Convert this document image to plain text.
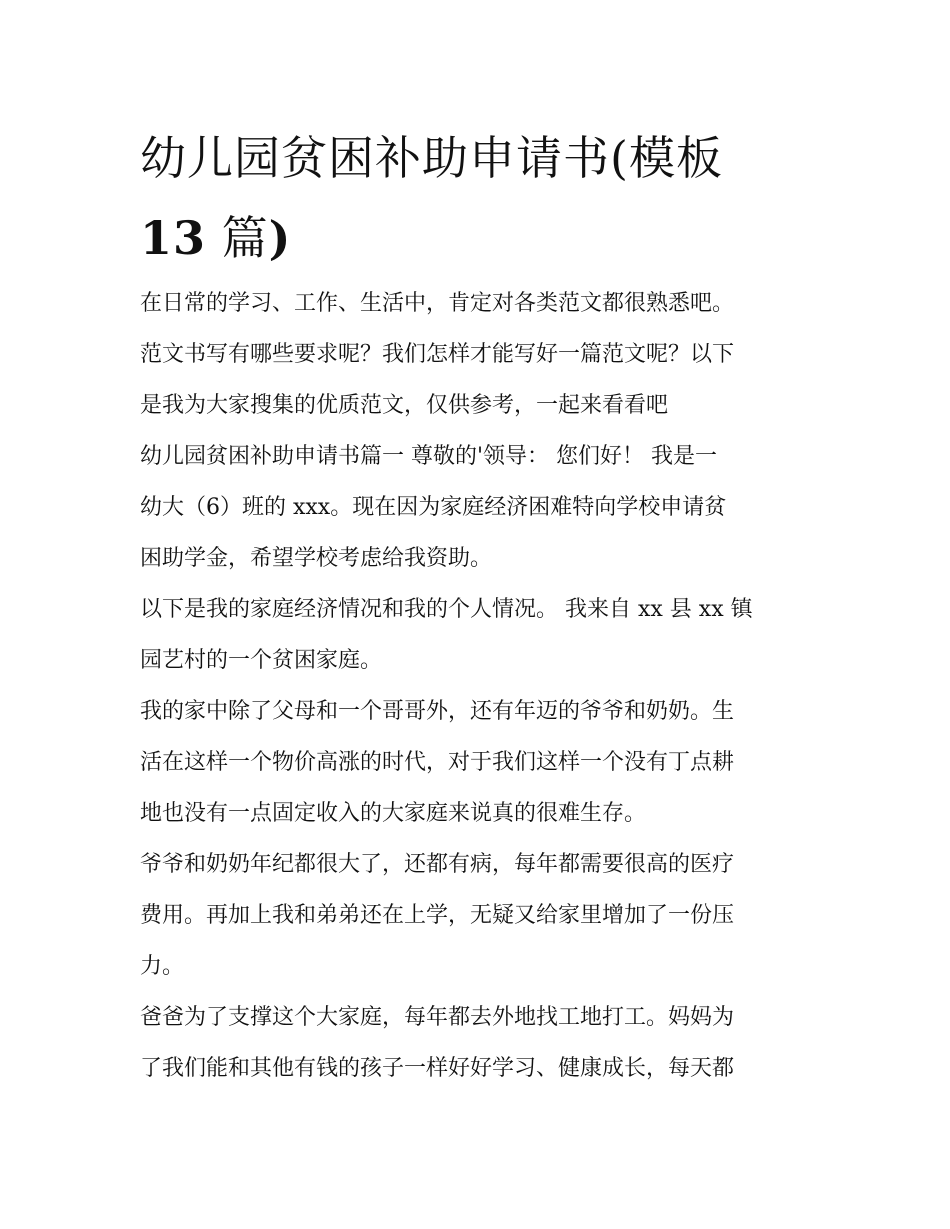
幼儿园贫困补助申请书(模板
13 篇)
在日常的学习、工作、生活中，肯定对各类范文都很熟悉吧。
范文书写有哪些要求呢？我们怎样才能写好一篇范文呢？以下
是我为大家搜集的优质范文，仅供参考，一起来看看吧
幼儿园贫困补助申请书篇一 尊敬的'领导： 您们好！ 我是一
幼大（6）班的 xxx。现在因为家庭经济困难特向学校申请贫
困助学金，希望学校考虑给我资助。
以下是我的家庭经济情况和我的个人情况。 我来自 xx 县 xx 镇
园艺村的一个贫困家庭。
我的家中除了父母和一个哥哥外，还有年迈的爷爷和奶奶。生
活在这样一个物价高涨的时代，对于我们这样一个没有丁点耕
地也没有一点固定收入的大家庭来说真的很难生存。
爷爷和奶奶年纪都很大了，还都有病，每年都需要很高的医疗
费用。再加上我和弟弟还在上学，无疑又给家里增加了一份压
力。
爸爸为了支撑这个大家庭，每年都去外地找工地打工。妈妈为
了我们能和其他有钱的孩子一样好好学习、健康成长，每天都
